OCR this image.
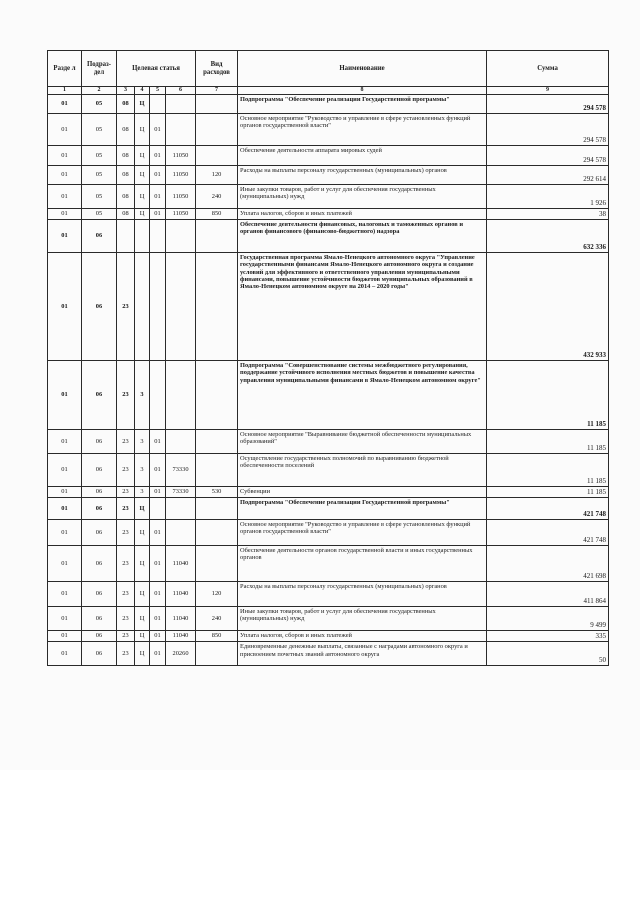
Разде л	Подраз- дел	Целевая статья				Вид расходов	Наименование	Сумма
1	2	3	4	5	6	7	8	9
01	05	08	Ц				Подпрограмма "Обеспечение реализации Государственной программы"	294 578
01	05	08	Ц	01			Основное мероприятие "Руководство и управление в сфере установленных функций органов государственной власти"	294 578
01	05	08	Ц	01	11050		Обеспечение деятельности аппарата мировых судей	294 578
01	05	08	Ц	01	11050	120	Расходы на выплаты персоналу государственных (муниципальных) органов	292 614
01	05	08	Ц	01	11050	240	Иные закупки товаров, работ и услуг для обеспечения государственных (муниципальных) нужд	1 926
01	05	08	Ц	01	11050	850	Уплата налогов, сборов и иных платежей	38
01	06						Обеспечение деятельности финансовых, налоговых и таможенных органов и органов финансового (финансово-бюджетного) надзора	632 336
01	06	23					Государственная программа Ямало-Ненецкого автономного округа "Управление государственными финансами Ямало-Ненецкого автономного округа и создание условий для эффективного и ответственного управления муниципальными финансами, повышение устойчивости бюджетов муниципальных образований в Ямало-Ненецком автономном округе на 2014 – 2020 годы"	432 933
01	06	23	3				Подпрограмма "Совершенствование системы межбюджетного регулирования, поддержание устойчивого исполнения местных бюджетов и повышение качества управления муниципальными финансами в Ямало-Ненецком автономном округе"	11 185
01	06	23	3	01			Основное мероприятие "Выравнивание бюджетной обеспеченности муниципальных образований"	11 185
01	06	23	3	01	73330		Осуществление государственных полномочий по выравниванию бюджетной обеспеченности поселений	11 185
01	06	23	3	01	73330	530	Субвенции	11 185
01	06	23	Ц				Подпрограмма "Обеспечение реализации Государственной программы"	421 748
01	06	23	Ц	01			Основное мероприятие "Руководство и управление в сфере установленных функций органов государственной власти"	421 748
01	06	23	Ц	01	11040		Обеспечение деятельности органов государственной власти и иных государственных органов	421 698
01	06	23	Ц	01	11040	120	Расходы на выплаты персоналу государственных (муниципальных) органов	411 864
01	06	23	Ц	01	11040	240	Иные закупки товаров, работ и услуг для обеспечения государственных (муниципальных) нужд	9 499
01	06	23	Ц	01	11040	850	Уплата налогов, сборов и иных платежей	335
01	06	23	Ц	01	20260		Единовременные денежные выплаты, связанные с наградами автономного округа и присвоением почетных званий автономного округа	50
